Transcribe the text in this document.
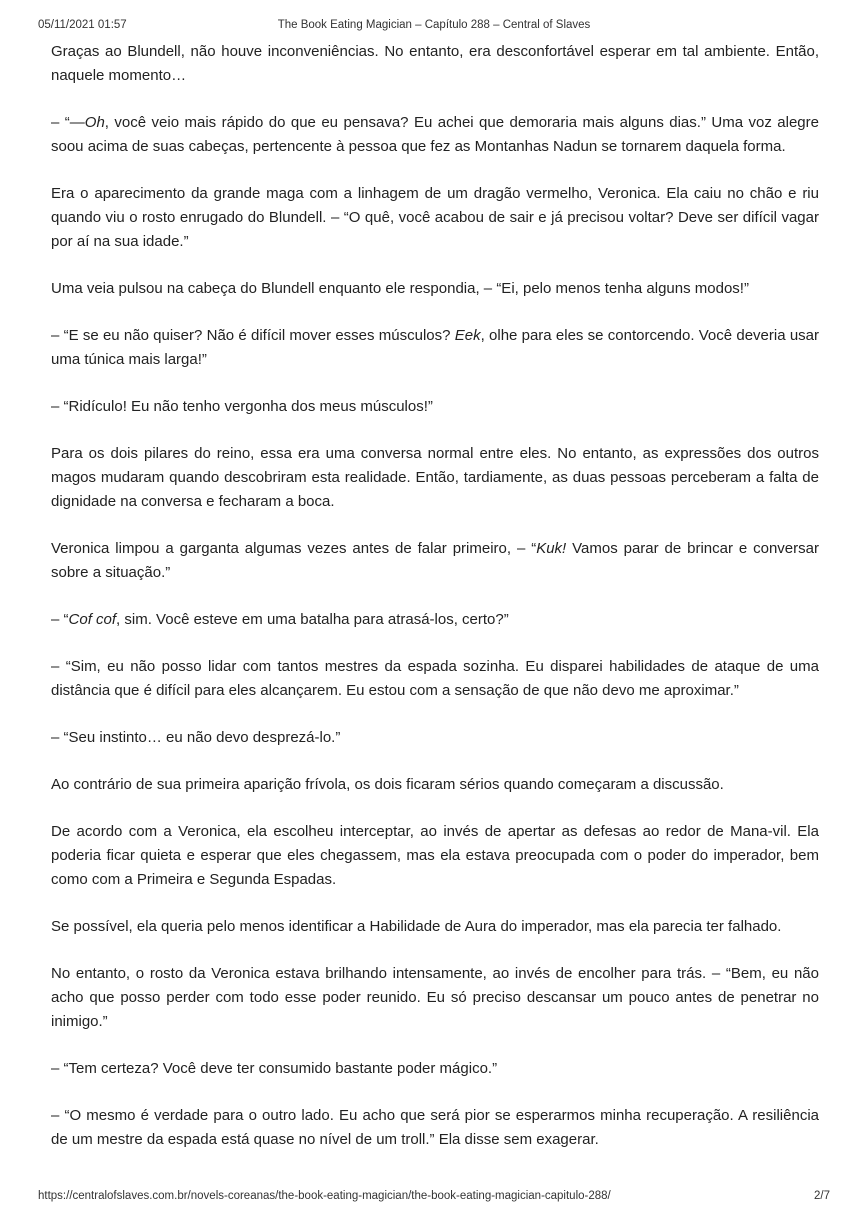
The Book Eating Magician – Capítulo 288 – Central of Slaves
05/11/2021 01:57

Graças ao Blundell, não houve inconveniências. No entanto, era desconfortável esperar em tal ambiente. Então, naquele momento…

– “—Oh, você veio mais rápido do que eu pensava? Eu achei que demoraria mais alguns dias.” Uma voz alegre soou acima de suas cabeças, pertencente à pessoa que fez as Montanhas Nadun se tornarem daquela forma.

Era o aparecimento da grande maga com a linhagem de um dragão vermelho, Veronica. Ela caiu no chão e riu quando viu o rosto enrugado do Blundell. – “O quê, você acabou de sair e já precisou voltar? Deve ser difícil vagar por aí na sua idade.”

Uma veia pulsou na cabeça do Blundell enquanto ele respondia, – “Ei, pelo menos tenha alguns modos!”

– “E se eu não quiser? Não é difícil mover esses músculos? Eek, olhe para eles se contorcendo. Você deveria usar uma túnica mais larga!”

– “Ridículo! Eu não tenho vergonha dos meus músculos!”

Para os dois pilares do reino, essa era uma conversa normal entre eles. No entanto, as expressões dos outros magos mudaram quando descobriram esta realidade. Então, tardiamente, as duas pessoas perceberam a falta de dignidade na conversa e fecharam a boca.

Veronica limpou a garganta algumas vezes antes de falar primeiro, – “Kuk! Vamos parar de brincar e conversar sobre a situação.”

– “Cof cof, sim. Você esteve em uma batalha para atrasá-los, certo?”

– “Sim, eu não posso lidar com tantos mestres da espada sozinha. Eu disparei habilidades de ataque de uma distância que é difícil para eles alcançarem. Eu estou com a sensação de que não devo me aproximar.”

– “Seu instinto… eu não devo desprezá-lo.”

Ao contrário de sua primeira aparição frívola, os dois ficaram sérios quando começaram a discussão.

De acordo com a Veronica, ela escolheu interceptar, ao invés de apertar as defesas ao redor de Mana-vil. Ela poderia ficar quieta e esperar que eles chegassem, mas ela estava preocupada com o poder do imperador, bem como com a Primeira e Segunda Espadas.

Se possível, ela queria pelo menos identificar a Habilidade de Aura do imperador, mas ela parecia ter falhado.

No entanto, o rosto da Veronica estava brilhando intensamente, ao invés de encolher para trás. – “Bem, eu não acho que posso perder com todo esse poder reunido. Eu só preciso descansar um pouco antes de penetrar no inimigo.”

– “Tem certeza? Você deve ter consumido bastante poder mágico.”

– “O mesmo é verdade para o outro lado. Eu acho que será pior se esperarmos minha recuperação. A resiliência de um mestre da espada está quase no nível de um troll.” Ela disse sem exagerar.

https://centralofslaves.com.br/novels-coreanas/the-book-eating-magician/the-book-eating-magician-capitulo-288/	2/7
